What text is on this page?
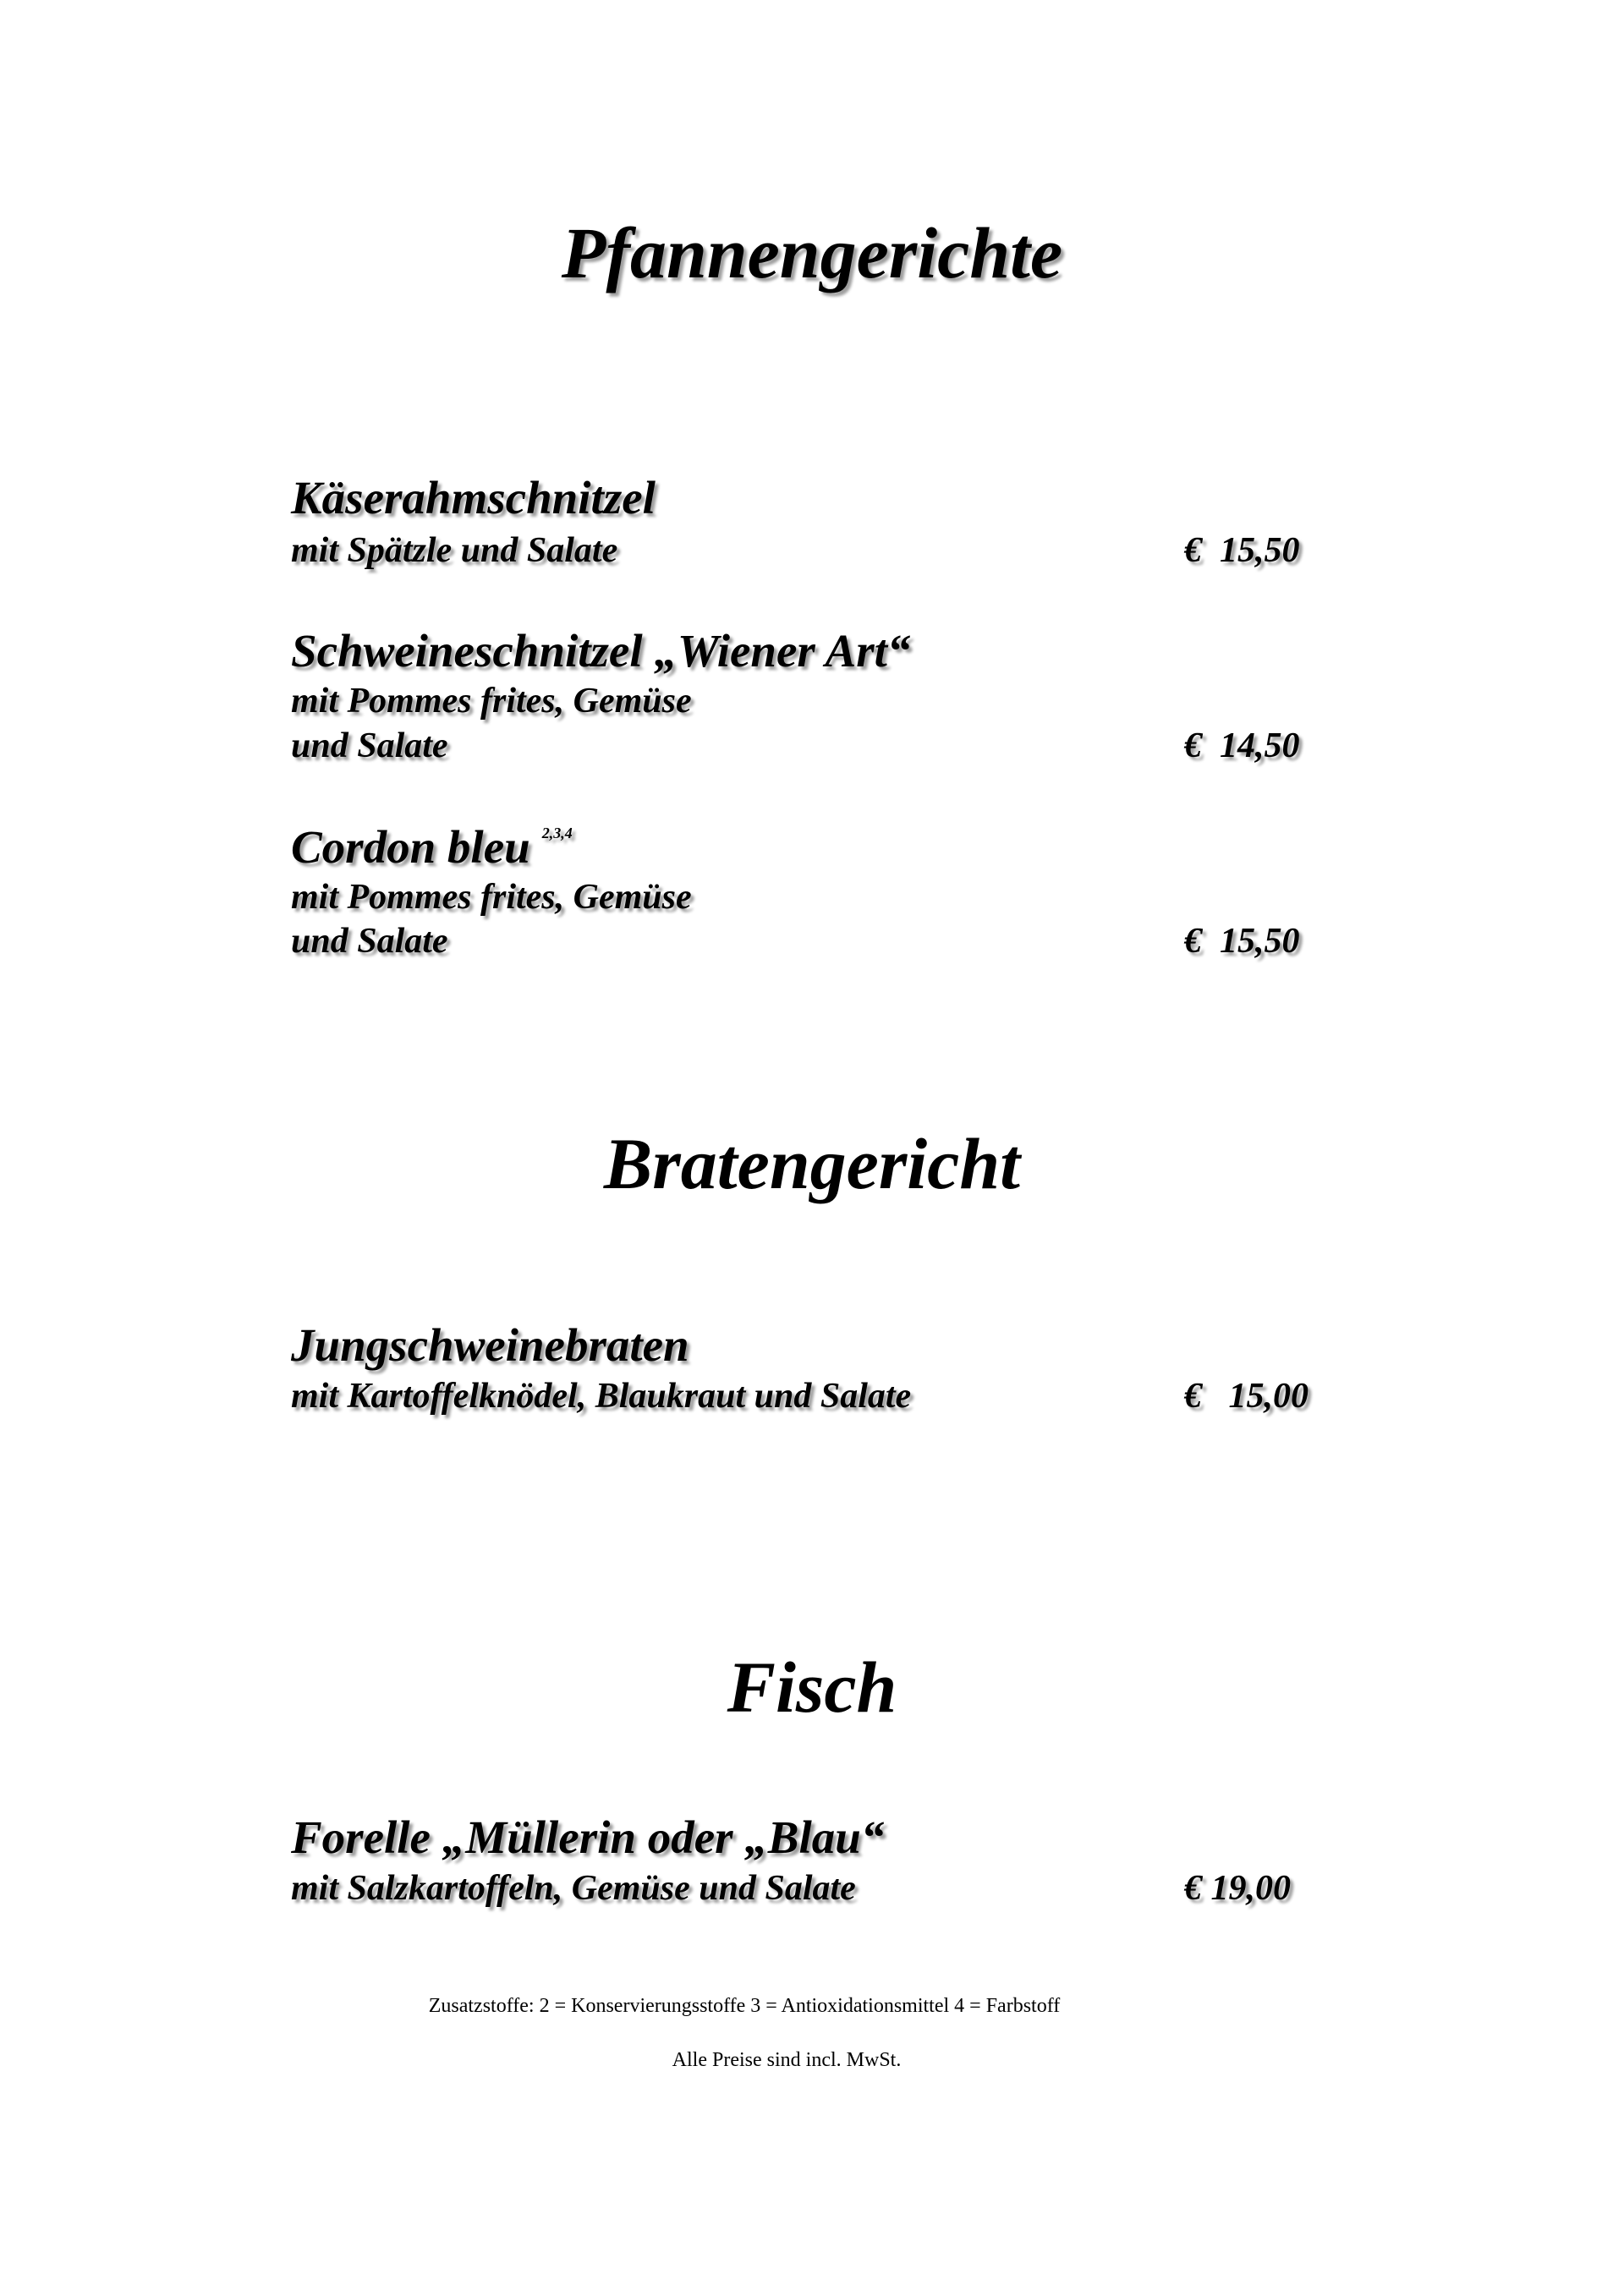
Pfannengerichte
Käserahmschnitzel
mit Spätzle und Salate	€  15,50
Schweineschnitzel „Wiener Art“
mit Pommes frites, Gemüse
und Salate	€  14,50
Cordon bleu $^{2,3,4}$
mit Pommes frites, Gemüse
und Salate	€  15,50
Bratengericht
Jungschweinebraten
mit Kartoffelknödel, Blaukraut und Salate	€   15,00
Fisch
Forelle „Müllerin oder „Blau“
mit Salzkartoffeln, Gemüse und Salate	€ 19,00
Zusatzstoffe: 2 = Konservierungsstoffe 3 = Antioxidationsmittel 4 = Farbstoff
Alle Preise sind incl. MwSt.
